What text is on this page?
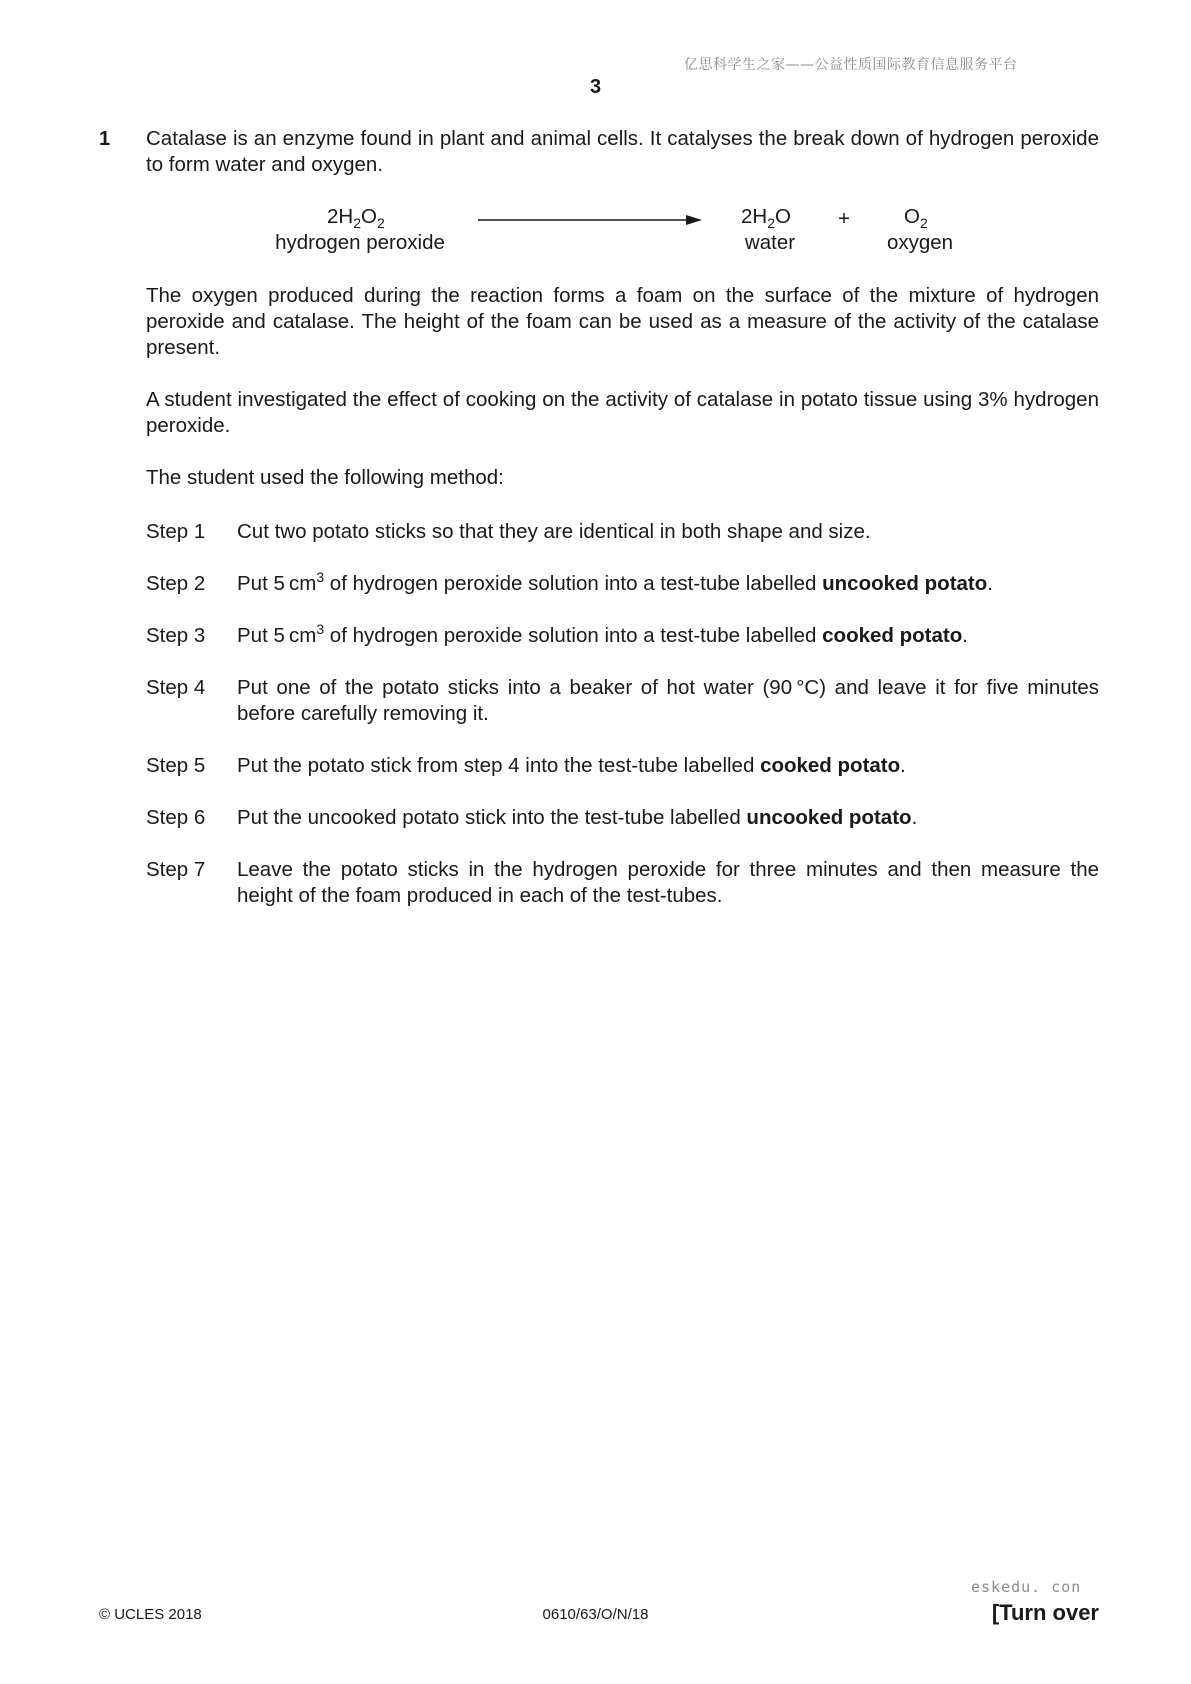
亿思科学生之家——公益性质国际教育信息服务平台
3
1 Catalase is an enzyme found in plant and animal cells. It catalyses the break down of hydrogen peroxide to form water and oxygen.

$2H_2O_2$
hydrogen peroxide
$2H_2O$
water
+	$O_2$
oxygen

The oxygen produced during the reaction forms a foam on the surface of the mixture of hydrogen peroxide and catalase. The height of the foam can be used as a measure of the activity of the catalase present.

A student investigated the effect of cooking on the activity of catalase in potato tissue using 3% hydrogen peroxide.

The student used the following method:

Step 1	Cut two potato sticks so that they are identical in both shape and size.
Step 2	Put 5 $cm^3$ of hydrogen peroxide solution into a test-tube labelled uncooked potato.
Step 3	Put 5 $cm^3$ of hydrogen peroxide solution into a test-tube labelled cooked potato.
Step 4	Put one of the potato sticks into a beaker of hot water (90 °C) and leave it for five minutes before carefully removing it.
Step 5	Put the potato stick from step 4 into the test-tube labelled cooked potato.
Step 6	Put the uncooked potato stick into the test-tube labelled uncooked potato.
Step 7	Leave the potato sticks in the hydrogen peroxide for three minutes and then measure the height of the foam produced in each of the test-tubes.
eskedu. con
© UCLES 2018	0610/63/O/N/18	[Turn over
